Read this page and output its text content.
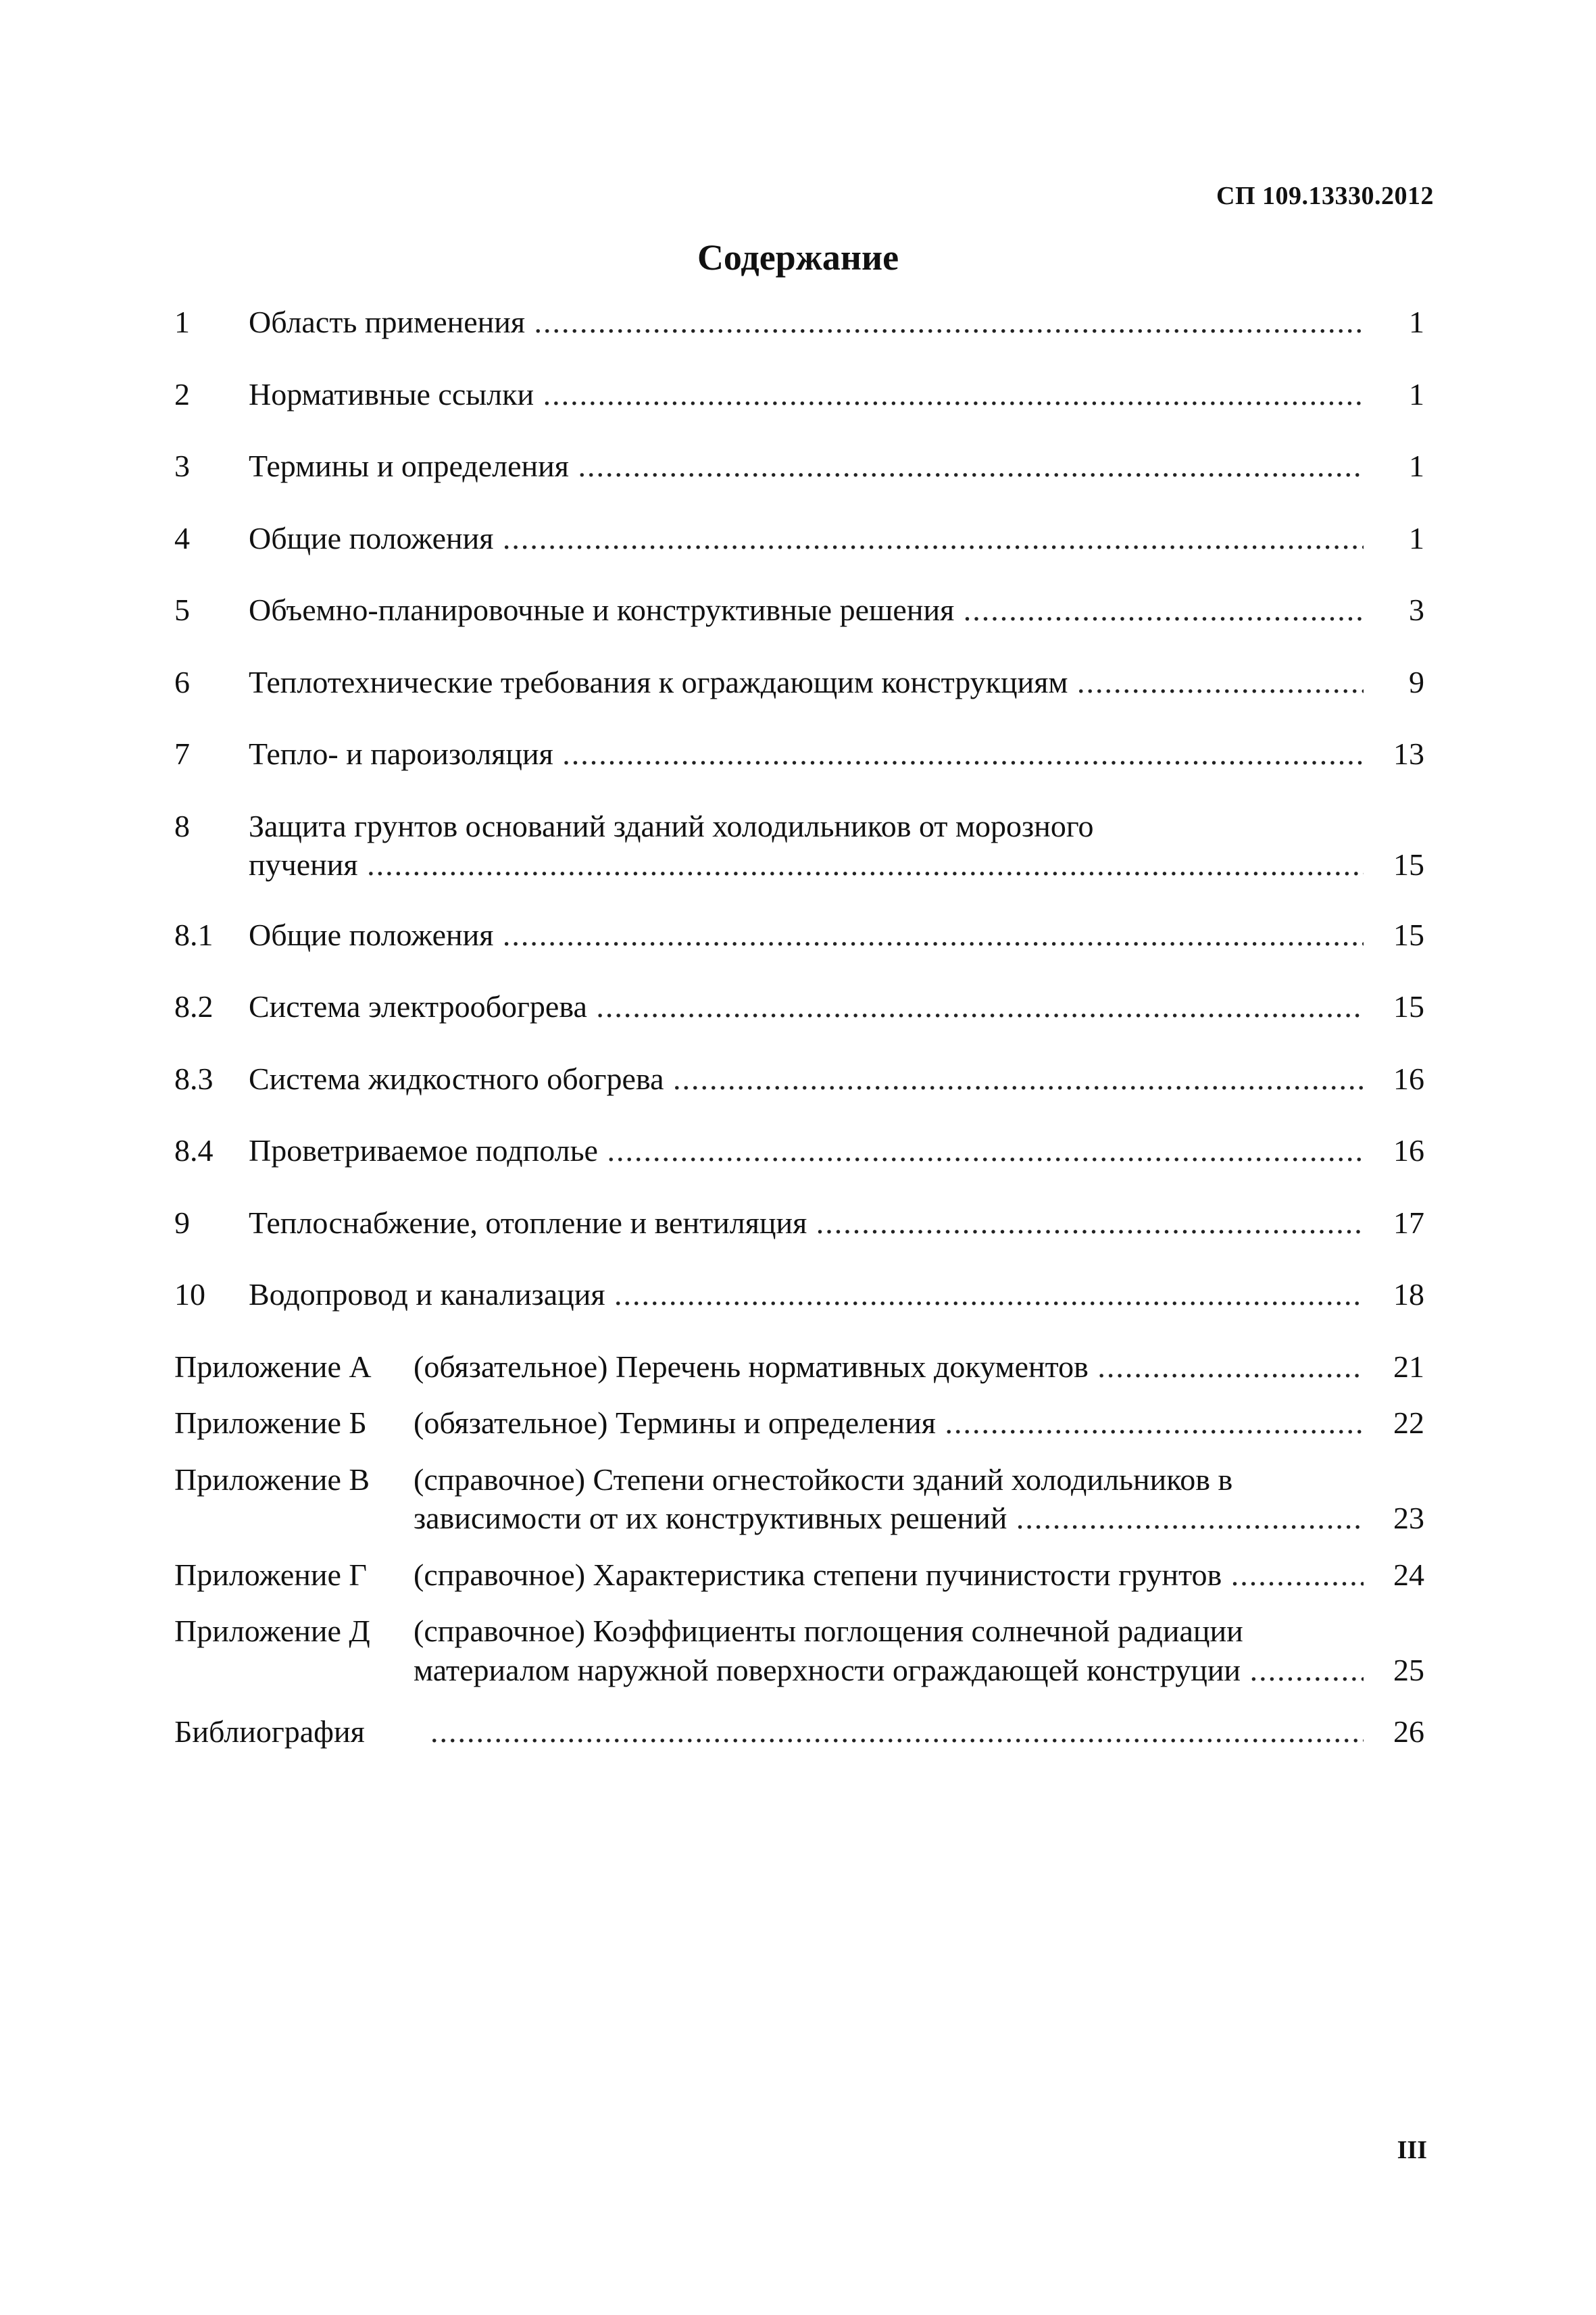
СП 109.13330.2012
Содержание
1	Область применения .....	1
2	Нормативные ссылки .....	1
3	Термины и определения .....	1
4	Общие положения .....	1
5	Объемно-планировочные и конструктивные решения .....	3
6	Теплотехнические требования к ограждающим конструкциям .....	9
7	Тепло- и пароизоляция .....	13
8	Защита грунтов оснований зданий холодильников от морозного
пучения .....	15
8.1	Общие положения .....	15
8.2	Система электрообогрева .....	15
8.3	Система жидкостного обогрева .....	16
8.4	Проветриваемое подполье .....	16
9	Теплоснабжение, отопление и вентиляция .....	17
10	Водопровод и канализация .....	18
Приложение А	(обязательное) Перечень нормативных документов .....	21
Приложение Б	(обязательное) Термины и определения .....	22
Приложение В	(справочное) Степени огнестойкости зданий холодильников в
зависимости от их конструктивных решений .....	23
Приложение Г	(справочное) Характеристика степени пучинистости грунтов .....	24
Приложение Д	(справочное) Коэффициенты поглощения солнечной радиации
материалом наружной поверхности ограждающей конструции .....	25
Библиография .....	26
III
